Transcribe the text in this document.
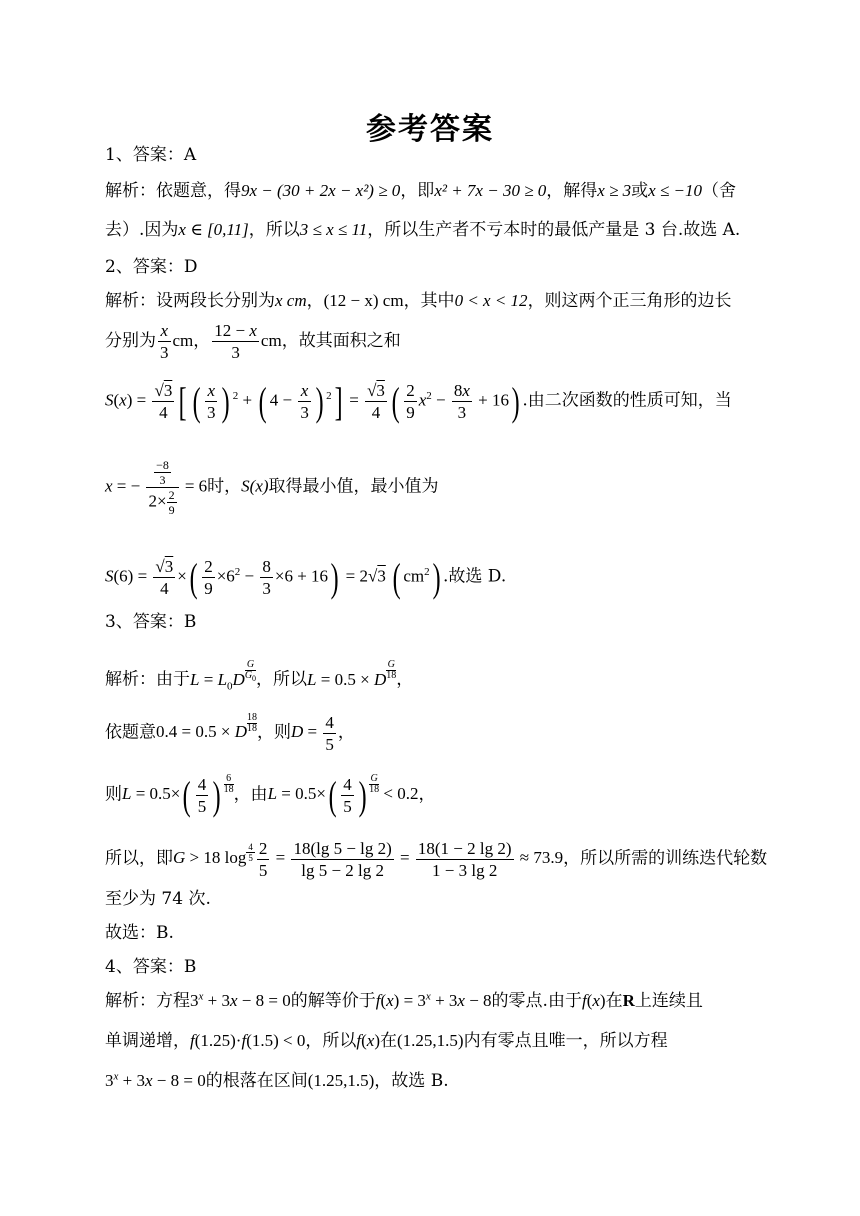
参考答案
1、答案：A
解析：依题意，得9x − (30 + 2x − x²) ≥ 0，即x² + 7x − 30 ≥ 0，解得x ≥ 3或x ≤ −10（舍
去）.因为x ∈ [0,11]，所以3 ≤ x ≤ 11，所以生产者不亏本时的最低产量是 3 台.故选 A.
2、答案：D
解析：设两段长分别为x cm，(12 − x) cm，其中0 < x < 12，则这两个正三角形的边长
分别为 $\frac{x}{3}$ cm， $\frac{12 - x}{3}$ cm，故其面积之和
$S(x) = \frac{√3}{4}$ [ ( $\frac{x}{3}$ ) $^2$ + ( $4 - \frac{x}{3}$ ) $^2] = \frac{√3}{4}$ ( $\frac{2}{9} x^2 - \frac{8x}{3} + 16$) .由二次函数的性质可知，当
x = − $\frac{\frac{-8}{3}}{2\times \frac{2}{9}} = 6$时，S(x)取得最小值，最小值为
$S(6) = \frac{√3}{4}$ ×( $\frac{2}{9} \times 6^2 - \frac{8}{3} \times 6 + 16) = 2√3$ ( $cm^2$) .故选 D.
3、答案：B
解析：由于$L = L_0D \frac{G}{G_0}$ ，所以L = 0.5 × D $\frac{G}{18}$ ，
依题意0.4 = 0.5 × D $\frac{18}{18}$ ，则$D = \frac{4}{5}$ ，
则$L = 0.5\times( \frac{4}{5}$ ) $\frac{6}{18}$ ，由$L = 0.5\times( \frac{4}{5}$ ) $\frac{G}{18} < 0.2$，
所以，即G > 18 $\log _{\frac{4}{5}} \frac{2}{5} = \frac{18(\lg 5 - \lg 2)}{\lg 5 - 2 \lg 2} = \frac{18(1 - 2 \lg 2)}{1 - 3 \lg 2} \approx 73.9$，所以所需的训练迭代轮数
至少为 74 次.
故选：B.
4、答案：B
解析：方程$3^x + 3x - 8 = 0$的解等价于$f(x) = 3^x + 3x - 8$的零点.由于f(x)在R上连续且
单调递增，f(1.25)·f(1.5) < 0，所以f(x)在(1.25,1.5)内有零点且唯一，所以方程
$3^x + 3x - 8 = 0$的根落在区间(1.25,1.5)，故选 B.
